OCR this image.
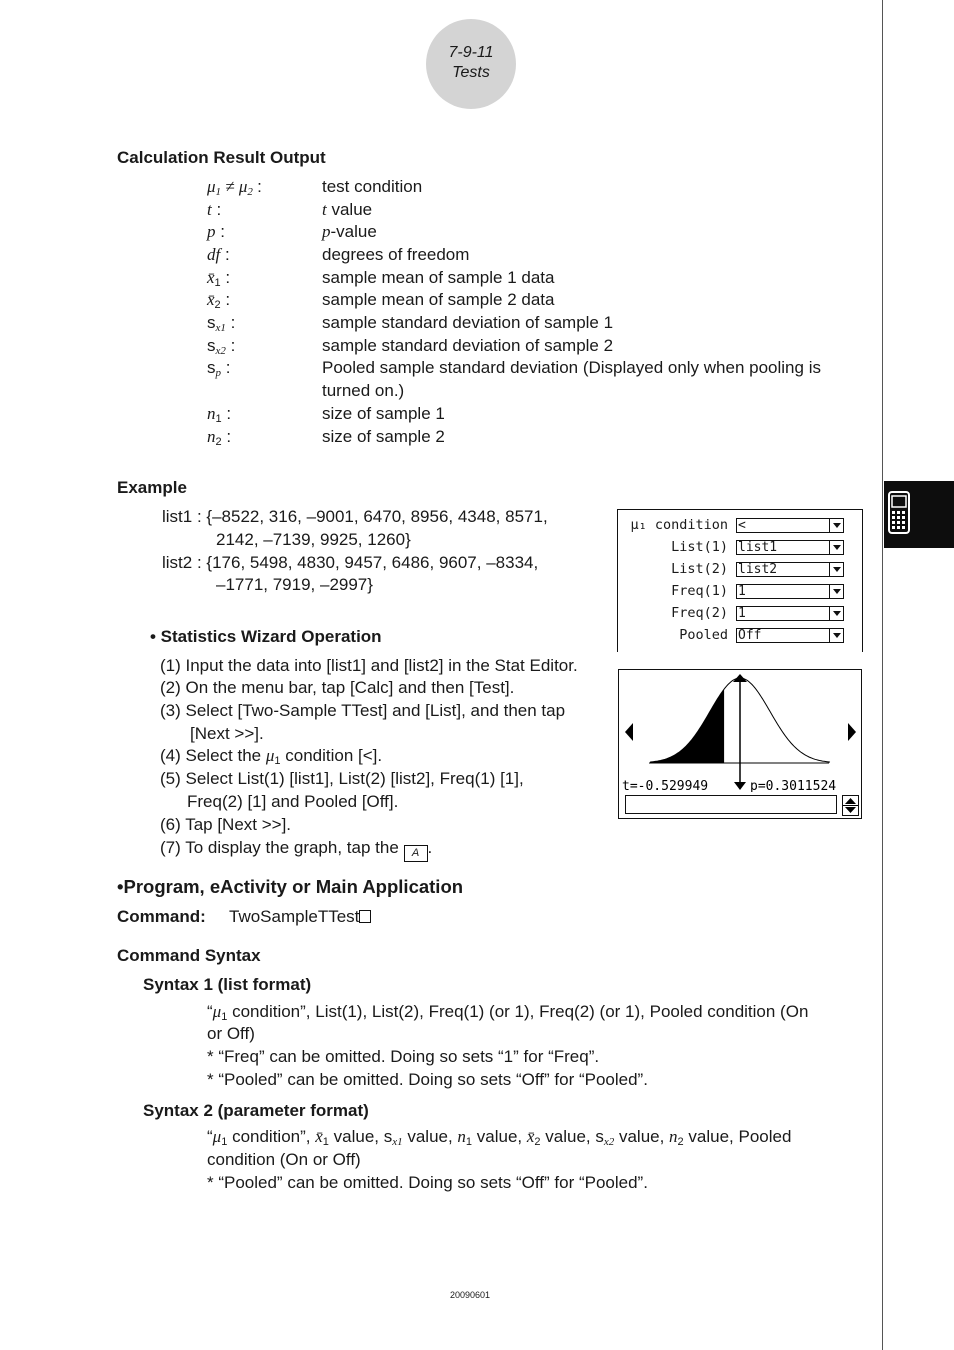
7-9-11
Tests
Calculation Result Output
$\mu_1 \ne \mu_2$ :	test condition
t :	t value
p :	p-value
df :	degrees of freedom
$x̄_1$ :	sample mean of sample 1 data
$x̄_2$ :	sample mean of sample 2 data
$s_{x1}$ :	sample standard deviation of sample 1
$s_{x2}$ :	sample standard deviation of sample 2
$s_p$ :	Pooled sample standard deviation (Displayed only when pooling is
turned on.)
$n_1$ :	size of sample 1
$n_2$ :	size of sample 2
Example
list1 : {–8522, 316, –9001, 6470, 8956, 4348, 8571,
2142, –7139, 9925, 1260}
list2 : {176, 5498, 4830, 9457, 6486, 9607, –8334,
–1771, 7919, –2997}
μ₁ condition <
List(1) list1
List(2) list2
Freq(1) 1
Freq(2) 1
Pooled Off
t=-0.529949	p=0.3011524
• Statistics Wizard Operation
(1) Input the data into [list1] and [list2] in the Stat Editor.
(2) On the menu bar, tap [Calc] and then [Test].
(3) Select [Two-Sample TTest] and [List], and then tap
[Next >>].
(4) Select the $\mu_1$ condition [<].
(5) Select List(1) [list1], List(2) [list2], Freq(1) [1],
Freq(2) [1] and Pooled [Off].
(6) Tap [Next >>].
(7) To display the graph, tap the A .
•Program, eActivity or Main Application
Command: TwoSampleTTest
Command Syntax
Syntax 1 (list format)
“$\mu_1$ condition”, List(1), List(2), Freq(1) (or 1), Freq(2) (or 1), Pooled condition (On
or Off)
* “Freq” can be omitted. Doing so sets “1” for “Freq”.
* “Pooled” can be omitted. Doing so sets “Off” for “Pooled”.
Syntax 2 (parameter format)
“$\mu_1$ condition”, $x̄_1$ value, $s_{x1}$ value, $n_1$ value, $x̄_2$ value, $s_{x2}$ value, $n_2$ value, Pooled
condition (On or Off)
* “Pooled” can be omitted. Doing so sets “Off” for “Pooled”.
20090601
